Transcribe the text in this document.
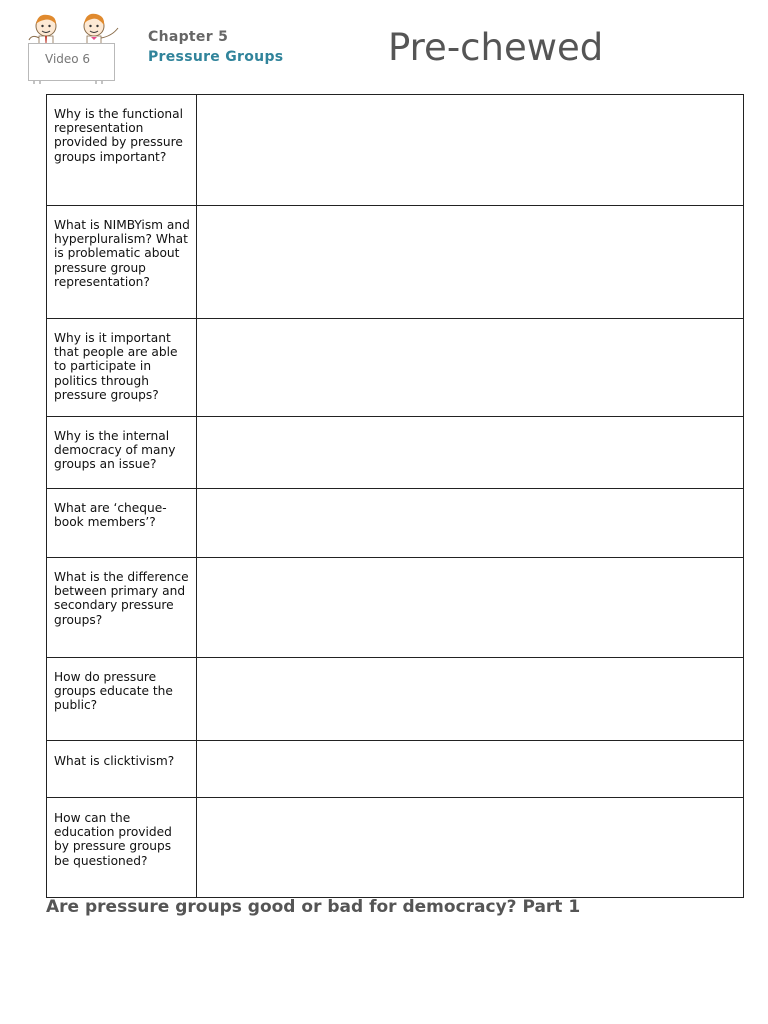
Video 6
Chapter 5
Pressure Groups	Pre-chewed
Why is the functional representation provided by pressure groups important?	

What is NIMBYism and hyperpluralism? What is problematic about pressure group representation?	

Why is it important that people are able to participate in politics through pressure groups?	

Why is the internal democracy of many groups an issue?	

What are ‘cheque-book members’?	

What is the difference between primary and secondary pressure groups?	

How do pressure groups educate the public?	

What is clicktivism?	

How can the education provided by pressure groups be questioned?	
Are pressure groups good or bad for democracy? Part 1
